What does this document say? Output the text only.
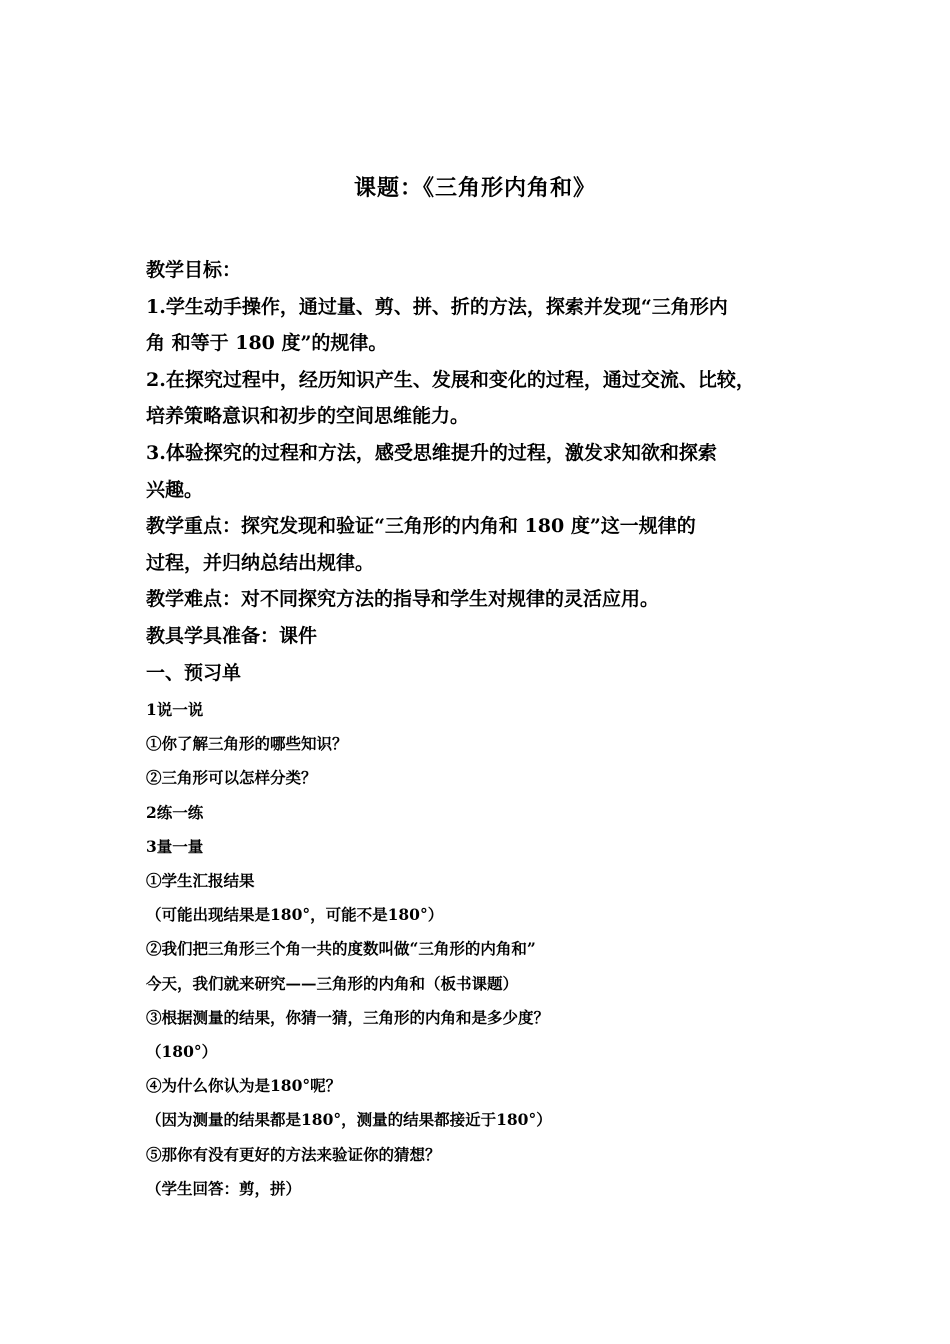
课题：《三角形内角和》
教学目标：
1.学生动手操作，通过量、剪、拼、折的方法，探索并发现“三角形内
角 和等于 180 度”的规律。
2.在探究过程中，经历知识产生、发展和变化的过程，通过交流、比较，
培养策略意识和初步的空间思维能力。
3.体验探究的过程和方法，感受思维提升的过程，激发求知欲和探索
兴趣。
教学重点：探究发现和验证“三角形的内角和 180 度”这一规律的
过程，并归纳总结出规律。
教学难点：对不同探究方法的指导和学生对规律的灵活应用。
教具学具准备：课件
一、预习单
1说一说
①你了解三角形的哪些知识？
②三角形可以怎样分类？
2练一练
3量一量
①学生汇报结果
（可能出现结果是180°，可能不是180°）
②我们把三角形三个角一共的度数叫做“三角形的内角和”
今天，我们就来研究——三角形的内角和（板书课题）
③根据测量的结果，你猜一猜，三角形的内角和是多少度？
（180°）
④为什么你认为是180°呢？
（因为测量的结果都是180°，测量的结果都接近于180°）
⑤那你有没有更好的方法来验证你的猜想？
（学生回答：剪，拼）
